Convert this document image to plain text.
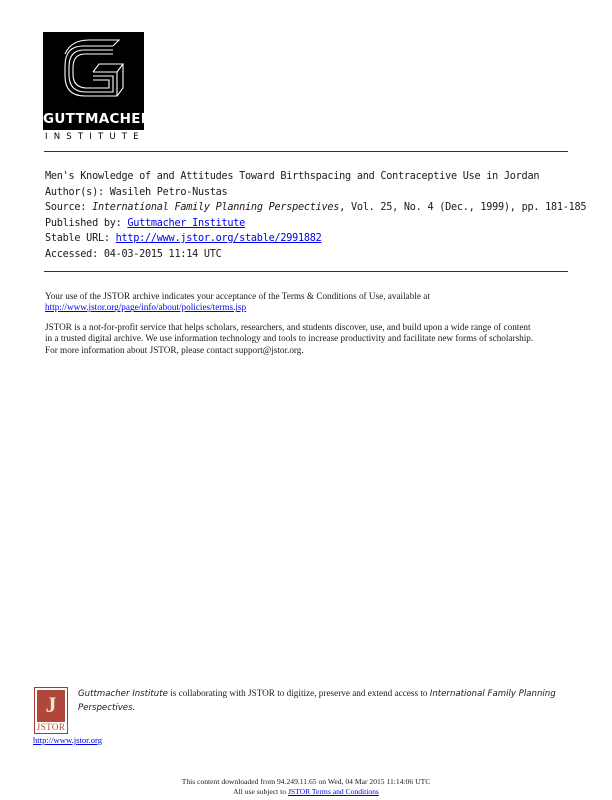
GUTTMACHER
INSTITUTE
Men's Knowledge of and Attitudes Toward Birthspacing and Contraceptive Use in Jordan
Author(s): Wasileh Petro-Nustas
Source: International Family Planning Perspectives, Vol. 25, No. 4 (Dec., 1999), pp. 181-185
Published by: Guttmacher Institute
Stable URL: http://www.jstor.org/stable/2991882
Accessed: 04-03-2015 11:14 UTC
Your use of the JSTOR archive indicates your acceptance of the Terms & Conditions of Use, available at
http://www.jstor.org/page/info/about/policies/terms.jsp
JSTOR is a not-for-profit service that helps scholars, researchers, and students discover, use, and build upon a wide range of content
in a trusted digital archive. We use information technology and tools to increase productivity and facilitate new forms of scholarship.
For more information about JSTOR, please contact support@jstor.org.
J
JSTOR
Guttmacher Institute is collaborating with JSTOR to digitize, preserve and extend access to International Family Planning
Perspectives.
http://www.jstor.org
This content downloaded from 94.249.11.65 on Wed, 04 Mar 2015 11:14:06 UTC
All use subject to JSTOR Terms and Conditions
